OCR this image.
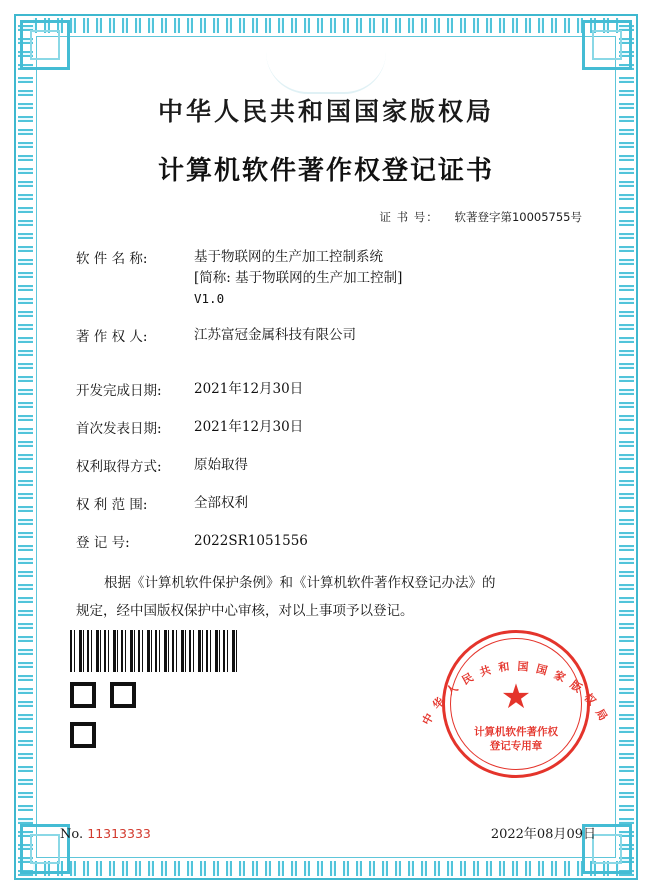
中华人民共和国国家版权局
计算机软件著作权登记证书
证 书 号： 软著登字第10005755号
软 件 名 称:	基于物联网的生产加工控制系统
[简称: 基于物联网的生产加工控制]
V1.0
著 作 权 人:	江苏富冠金属科技有限公司
开发完成日期:	2021年12月30日
首次发表日期:	2021年12月30日
权利取得方式:	原始取得
权 利 范 围:	全部权利
登 记 号:	2022SR1051556
根据《计算机软件保护条例》和《计算机软件著作权登记办法》的
规定，经中国版权保护中心审核，对以上事项予以登记。
中
华
人
民 共 和 国 国 家
版
权
局
★
计算机软件著作权
登记专用章
No. 11313333	2022年08月09日
